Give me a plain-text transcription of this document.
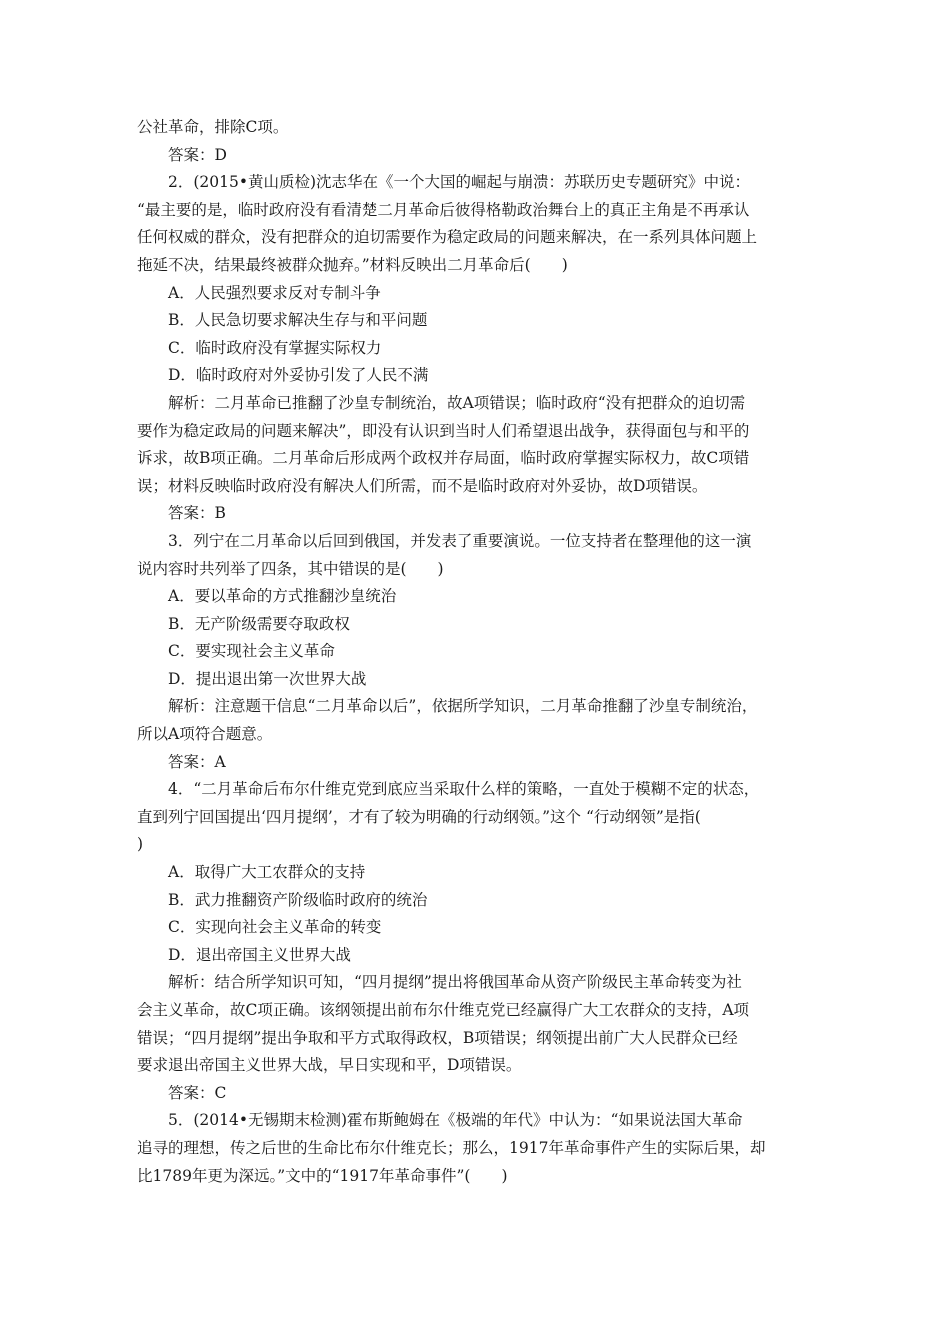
公社革命，排除C项。
答案：D
2．(2015•黄山质检)沈志华在《一个大国的崛起与崩溃：苏联历史专题研究》中说：
“最主要的是，临时政府没有看清楚二月革命后彼得格勒政治舞台上的真正主角是不再承认
任何权威的群众，没有把群众的迫切需要作为稳定政局的问题来解决，在一系列具体问题上
拖延不决，结果最终被群众抛弃。”材料反映出二月革命后(　　)
A．人民强烈要求反对专制斗争
B．人民急切要求解决生存与和平问题
C．临时政府没有掌握实际权力
D．临时政府对外妥协引发了人民不满
解析：二月革命已推翻了沙皇专制统治，故A项错误；临时政府“没有把群众的迫切需
要作为稳定政局的问题来解决”，即没有认识到当时人们希望退出战争，获得面包与和平的
诉求，故B项正确。二月革命后形成两个政权并存局面，临时政府掌握实际权力，故C项错
误；材料反映临时政府没有解决人们所需，而不是临时政府对外妥协，故D项错误。
答案：B
3．列宁在二月革命以后回到俄国，并发表了重要演说。一位支持者在整理他的这一演
说内容时共列举了四条，其中错误的是(　　)
A．要以革命的方式推翻沙皇统治
B．无产阶级需要夺取政权
C．要实现社会主义革命
D．提出退出第一次世界大战
解析：注意题干信息“二月革命以后”，依据所学知识，二月革命推翻了沙皇专制统治，
所以A项符合题意。
答案：A
4．“二月革命后布尔什维克党到底应当采取什么样的策略，一直处于模糊不定的状态，
直到列宁回国提出‘四月提纲’，才有了较为明确的行动纲领。”这个 “行动纲领”是指(
)
A．取得广大工农群众的支持
B．武力推翻资产阶级临时政府的统治
C．实现向社会主义革命的转变
D．退出帝国主义世界大战
解析：结合所学知识可知，“四月提纲”提出将俄国革命从资产阶级民主革命转变为社
会主义革命，故C项正确。该纲领提出前布尔什维克党已经赢得广大工农群众的支持，A项
错误；“四月提纲”提出争取和平方式取得政权，B项错误；纲领提出前广大人民群众已经
要求退出帝国主义世界大战，早日实现和平，D项错误。
答案：C
5．(2014•无锡期末检测)霍布斯鲍姆在《极端的年代》中认为：“如果说法国大革命
追寻的理想，传之后世的生命比布尔什维克长；那么，1917年革命事件产生的实际后果，却
比1789年更为深远。”文中的“1917年革命事件”(　　)
